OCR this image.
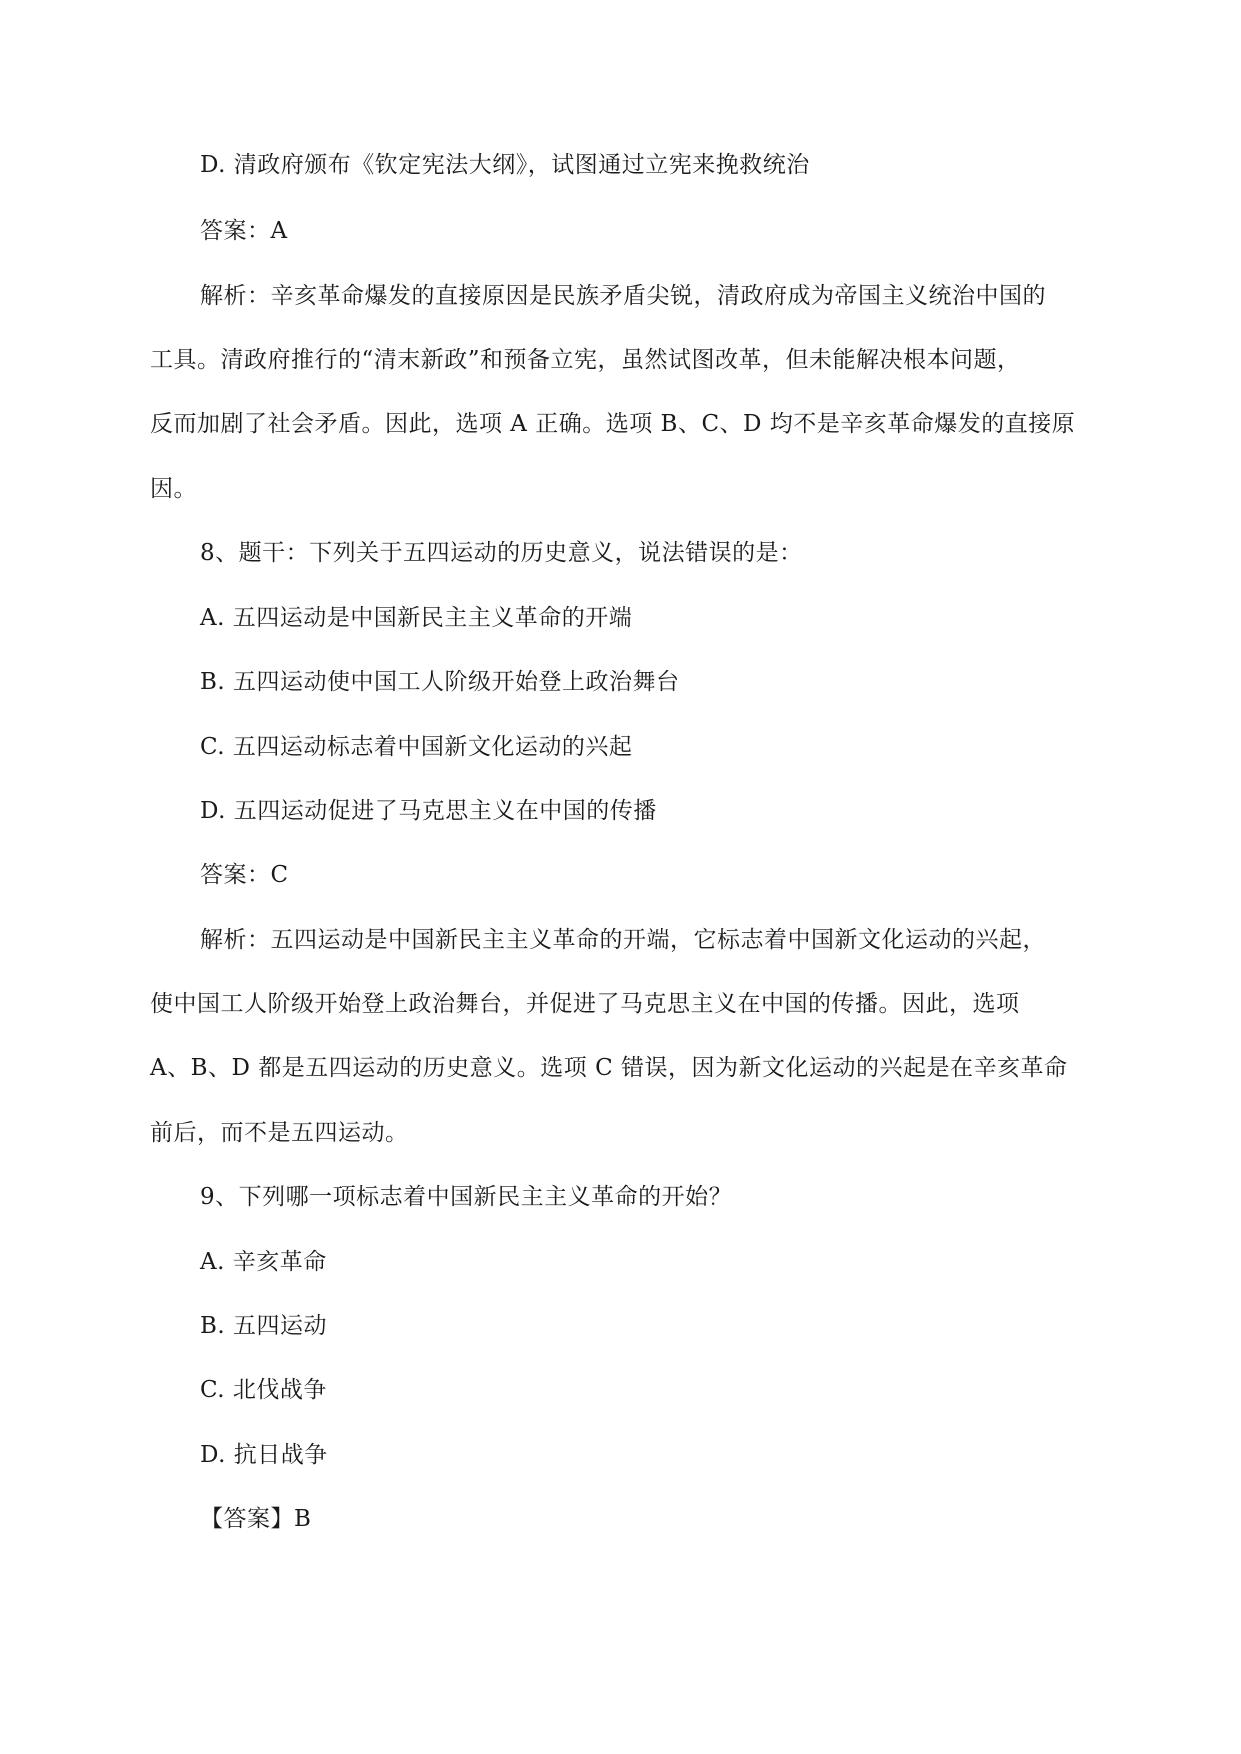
D. 清政府颁布《钦定宪法大纲》，试图通过立宪来挽救统治
答案：A
解析：辛亥革命爆发的直接原因是民族矛盾尖锐，清政府成为帝国主义统治中国的
工具。清政府推行的“清末新政”和预备立宪，虽然试图改革，但未能解决根本问题，
反而加剧了社会矛盾。因此，选项 A 正确。选项 B、C、D 均不是辛亥革命爆发的直接原
因。
8、题干：下列关于五四运动的历史意义，说法错误的是：
A. 五四运动是中国新民主主义革命的开端
B. 五四运动使中国工人阶级开始登上政治舞台
C. 五四运动标志着中国新文化运动的兴起
D. 五四运动促进了马克思主义在中国的传播
答案：C
解析：五四运动是中国新民主主义革命的开端，它标志着中国新文化运动的兴起，
使中国工人阶级开始登上政治舞台，并促进了马克思主义在中国的传播。因此，选项
A、B、D 都是五四运动的历史意义。选项 C 错误，因为新文化运动的兴起是在辛亥革命
前后，而不是五四运动。
9、下列哪一项标志着中国新民主主义革命的开始？
A. 辛亥革命
B. 五四运动
C. 北伐战争
D. 抗日战争
【答案】B
